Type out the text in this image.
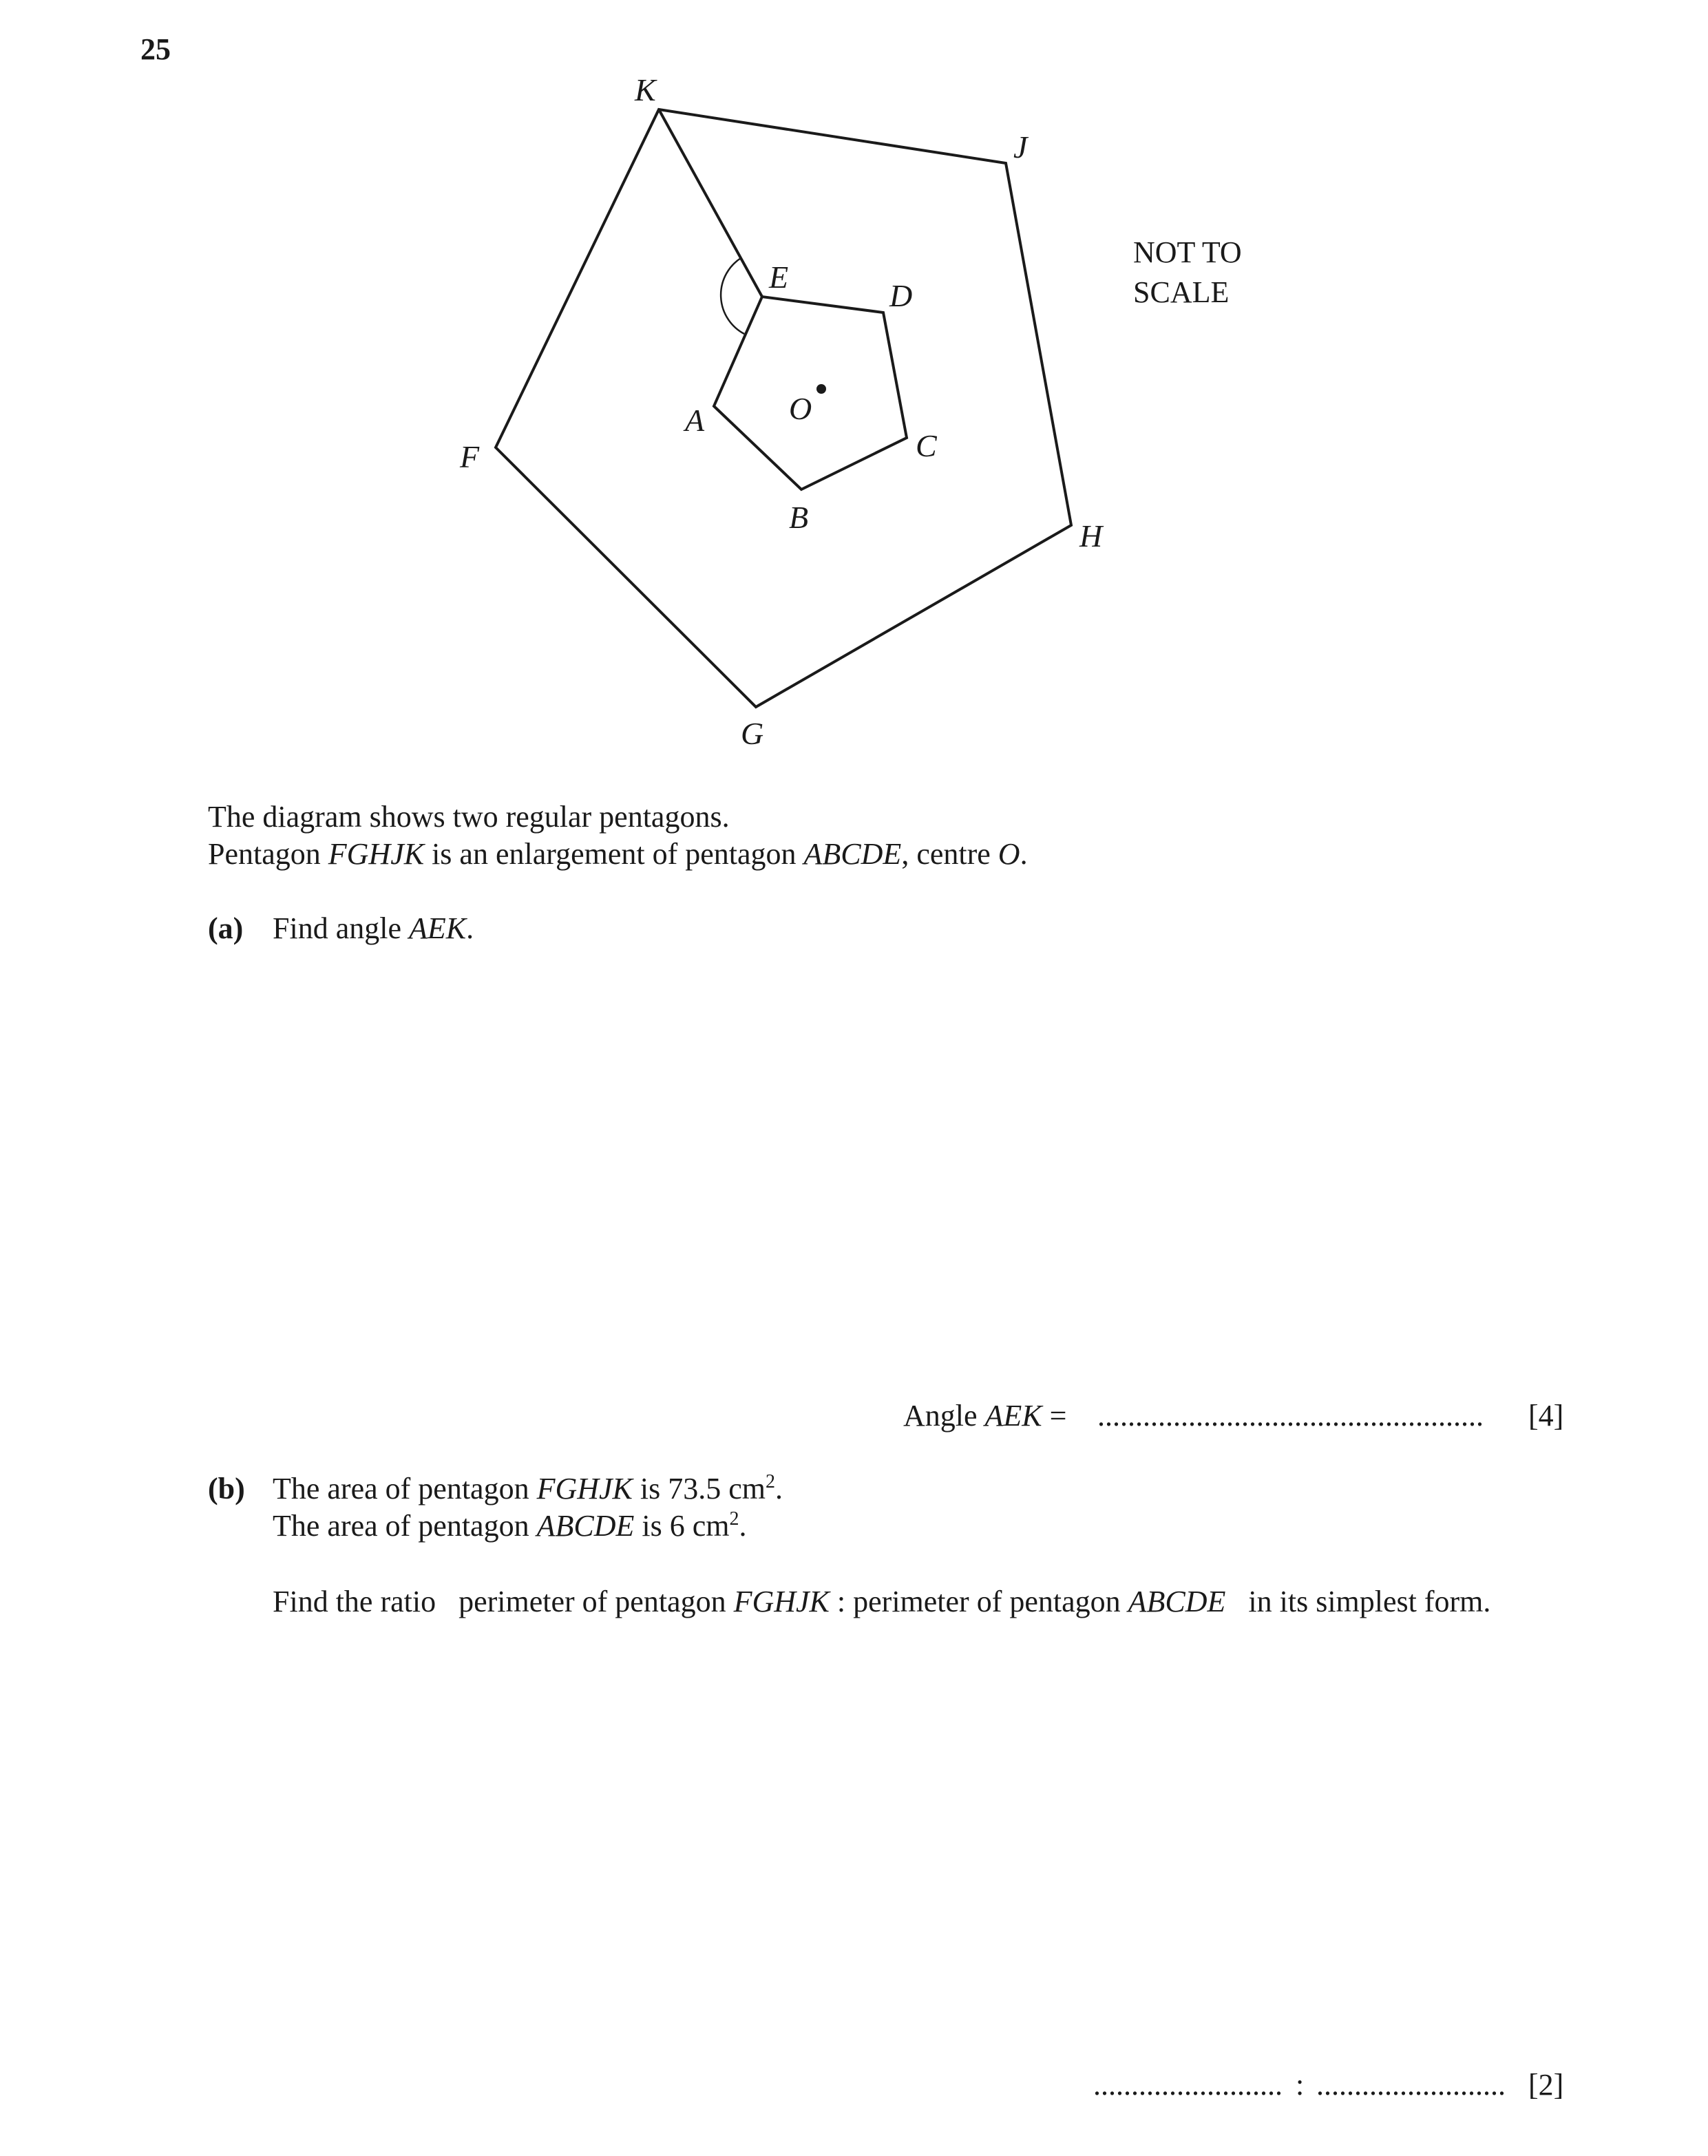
25
K
J
H
G
F
A
B
C
D
E
O
NOT TO
SCALE
The diagram shows two regular pentagons.
Pentagon FGHJK is an enlargement of pentagon ABCDE, centre O.
(a) Find angle AEK.
Angle AEK = ................................................... [4]
(b) The area of pentagon FGHJK is 73.5 $cm^2$.
The area of pentagon ABCDE is 6 $cm^2$.
Find the ratio   perimeter of pentagon FGHJK : perimeter of pentagon ABCDE   in its simplest form.
......................... : ......................... [2]
